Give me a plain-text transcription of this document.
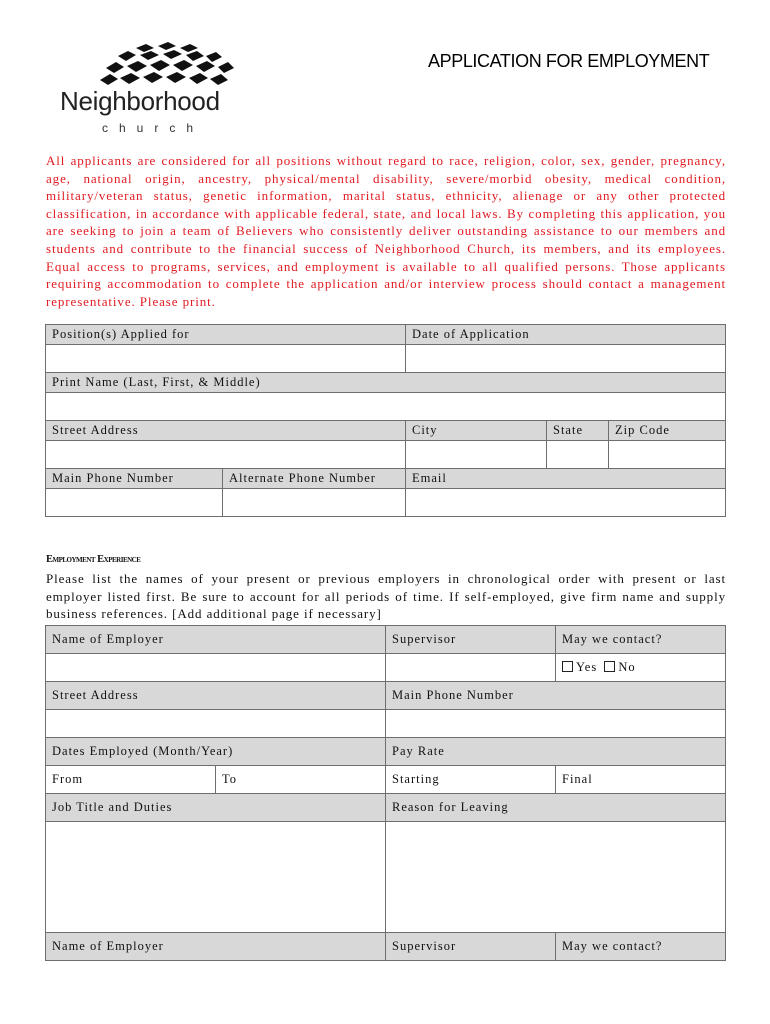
Neighborhood
church
APPLICATION FOR EMPLOYMENT

All applicants are considered for all positions without regard to race, religion, color, sex, gender, pregnancy, age, national origin, ancestry, physical/mental disability, severe/morbid obesity, medical condition, military/veteran status, genetic information, marital status, ethnicity, alienage or any other protected classification, in accordance with applicable federal, state, and local laws. By completing this application, you are seeking to join a team of Believers who consistently deliver outstanding assistance to our members and students and contribute to the financial success of Neighborhood Church, its members, and its employees. Equal access to programs, services, and employment is available to all qualified persons. Those applicants requiring accommodation to complete the application and/or interview process should contact a management representative. Please print.

Position(s) Applied for		Date of Application		

Print Name (Last, First, & Middle)				

Street Address		City	State	Zip Code

Main Phone Number	Alternate Phone Number	Email		

Employment Experience

Please list the names of your present or previous employers in chronological order with present or last employer listed first. Be sure to account for all periods of time. If self-employed, give firm name and supply business references. [Add additional page if necessary]

Name of Employer		Supervisor	May we contact?
			Yes No
Street Address		Main Phone Number	

Dates Employed (Month/Year)		Pay Rate	
From	To	Starting	Final
Job Title and Duties		Reason for Leaving	

Name of Employer	Supervisor	May we contact?
